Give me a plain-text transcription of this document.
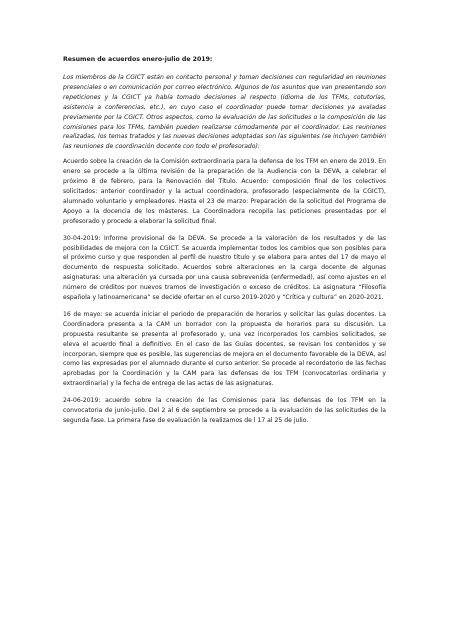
Resumen de acuerdos enero-julio de 2019:

Los miembros de la CGICT están en contacto personal y toman decisiones con regularidad en reuniones presenciales o en comunicación por correo electrónico. Algunos de los asuntos que van presentando son repeticiones y la CGICT ya había tomado decisiones al respecto (idioma de los TFMs, cotutorías, asistencia a conferencias, etc.), en cuyo caso el coordinador puede tomar decisiones ya avaladas previamente por la CGICT. Otros aspectos, como la evaluación de las solicitudes o la composición de las comisiones para los TFMs, también pueden realizarse cómodamente por el coordinador. Las reuniones realizadas, los temas tratados y las nuevas decisiones adoptadas son las siguientes (se incluyen también las reuniones de coordinación docente con todo el profesorado):

Acuerdo sobre la creación de la Comisión extraordinaria para la defensa de los TFM en enero de 2019. En enero se procede a la última revisión de la preparación de la Audiencia con la DEVA, a celebrar el próximo 8 de febrero, para la Renovación del Título. Acuerdo: composición final de los colectivos solicitados: anterior coordinador y la actual coordinadora, profesorado (especialmente de la CGICT), alumnado voluntario y empleadores. Hasta el 23 de marzo: Preparación de la solicitud del Programa de Apoyo a la docencia de los másteres. La Coordinadora recopila las peticiones presentadas por el profesorado y procede a elaborar la solicitud final.

30-04-2019: Informe provisional de la DEVA. Se procede a la valoración de los resultados y de las posibilidades de mejora con la CGICT. Se acuerda implementar todos los cambios que son posibles para el próximo curso y que responden al perfil de nuestro título y se elabora para antes del 17 de mayo el documento de respuesta solicitado. Acuerdos sobre alteraciones en la carga docente de algunas asignaturas: una alteración ya cursada por una causa sobrevenida (enfermedad), así como ajustes en el número de créditos por nuevos tramos de investigación o exceso de créditos. La asignatura “Filosofía española y latinoamericana” se decide ofertar en el curso 2019-2020 y “Crítica y cultura” en 2020-2021.

16 de mayo: se acuerda iniciar el periodo de preparación de horarios y solicitar las guías docentes. La Coordinadora presenta a la CAM un borrador con la propuesta de horarios para su discusión. La propuesta resultante se presenta al profesorado y, una vez incorporados los cambios solicitados, se eleva el acuerdo final a definitivo. En el caso de las Guías docentes, se revisan los contenidos y se incorporan, siempre que es posible, las sugerencias de mejora en el documento favorable de la DEVA, así como las expresadas por el alumnado durante el curso anterior. Se procede al recordatorio de las fechas aprobadas por la Coordinación y la CAM para las defensas de los TFM (convocatorias ordinaria y extraordinaria) y la fecha de entrega de las actas de las asignaturas.

24-06-2019: acuerdo sobre la creación de las Comisiones para las defensas de los TFM en la convocatoria de junio-julio. Del 2 al 6 de septiembre se procede a la evaluación de las solicitudes de la segunda fase. La primera fase de evaluación la realizamos de l 17 al 25 de julio.
